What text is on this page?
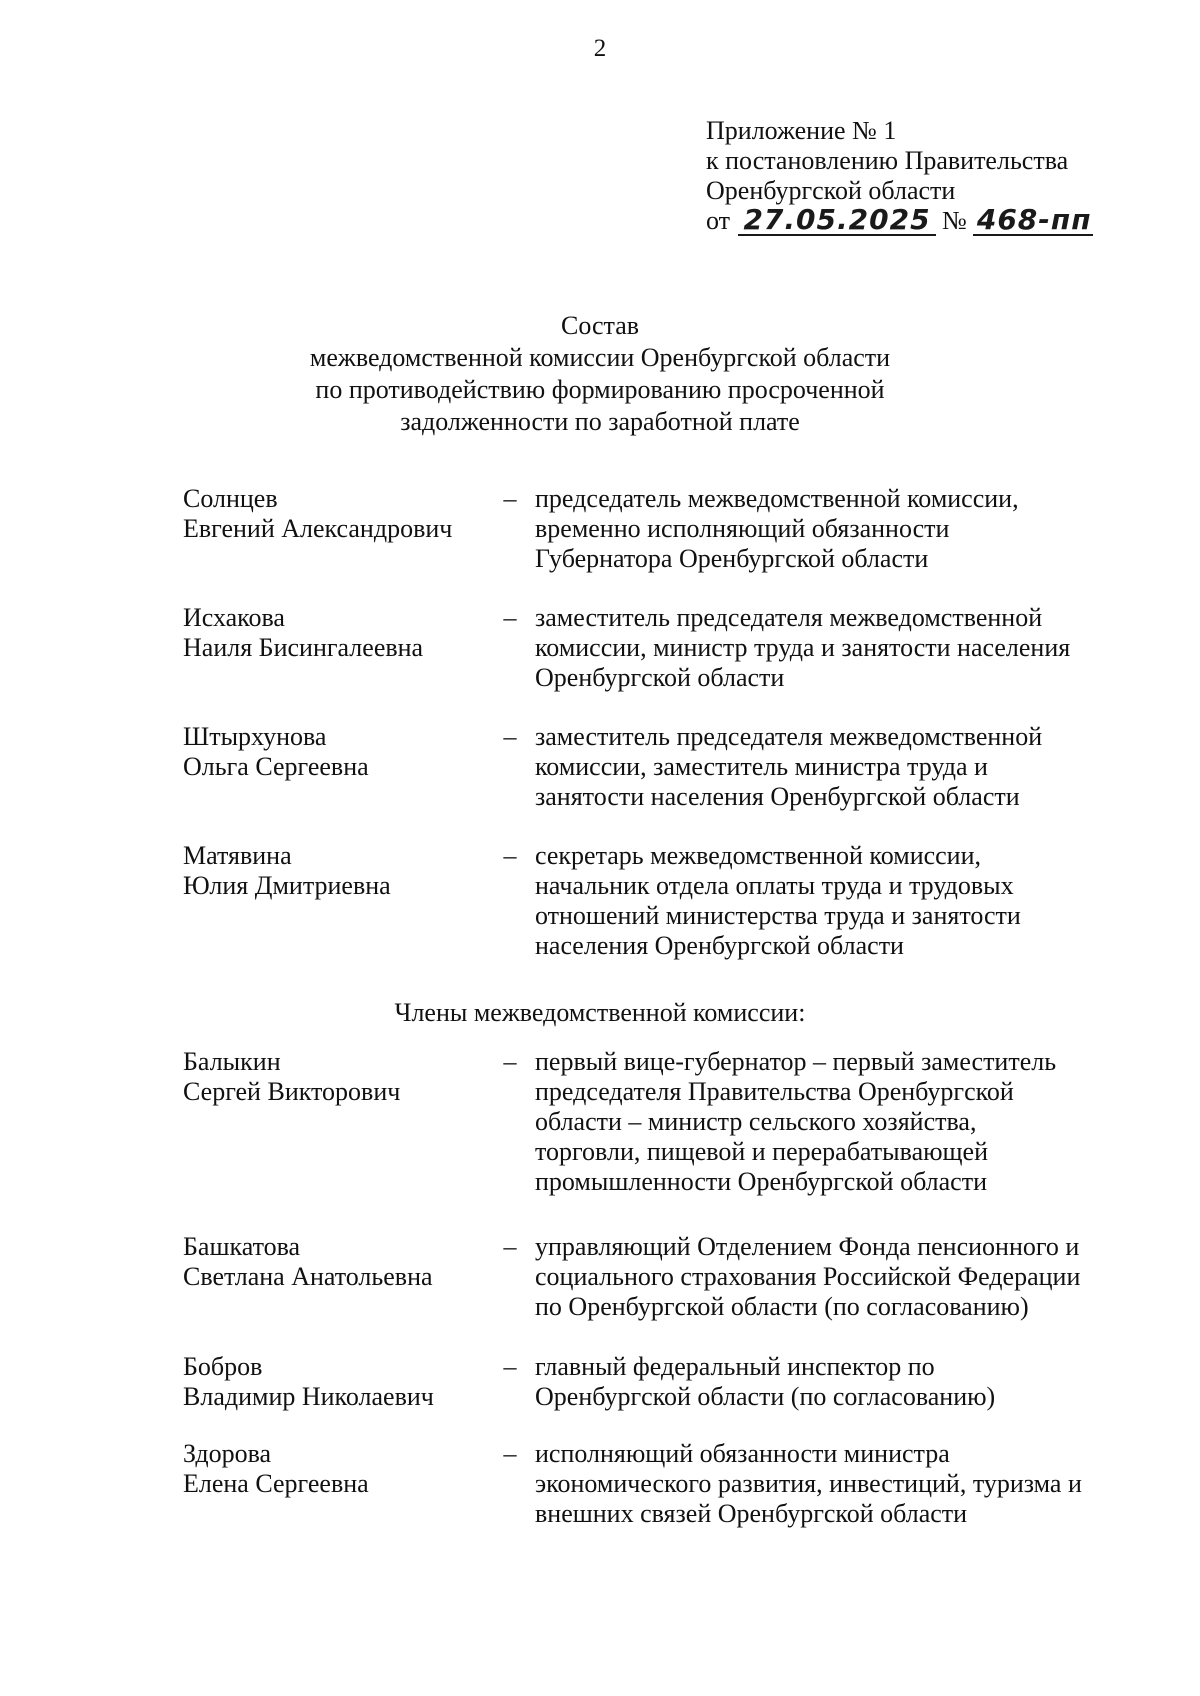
2
Приложение № 1
к постановлению Правительства
Оренбургской области
от 27.05.2025 № 468-пп
Состав
межведомственной комиссии Оренбургской области
по противодействию формированию просроченной
задолженности по заработной плате
Солнцев
Евгений Александрович
– председатель межведомственной комиссии,
временно исполняющий обязанности
Губернатора Оренбургской области
Исхакова
Наиля Бисингалеевна
– заместитель председателя межведомственной
комиссии, министр труда и занятости населения
Оренбургской области
Штырхунова
Ольга Сергеевна
– заместитель председателя межведомственной
комиссии, заместитель министра труда и
занятости населения Оренбургской области
Матявина
Юлия Дмитриевна
– секретарь межведомственной комиссии,
начальник отдела оплаты труда и трудовых
отношений министерства труда и занятости
населения Оренбургской области
Члены межведомственной комиссии:
Балыкин
Сергей Викторович
– первый вице-губернатор – первый заместитель
председателя Правительства Оренбургской
области – министр сельского хозяйства,
торговли, пищевой и перерабатывающей
промышленности Оренбургской области
Башкатова
Светлана Анатольевна
– управляющий Отделением Фонда пенсионного и
социального страхования Российской Федерации
по Оренбургской области (по согласованию)
Бобров
Владимир Николаевич
– главный федеральный инспектор по
Оренбургской области (по согласованию)
Здорова
Елена Сергеевна
– исполняющий обязанности министра
экономического развития, инвестиций, туризма и
внешних связей Оренбургской области
